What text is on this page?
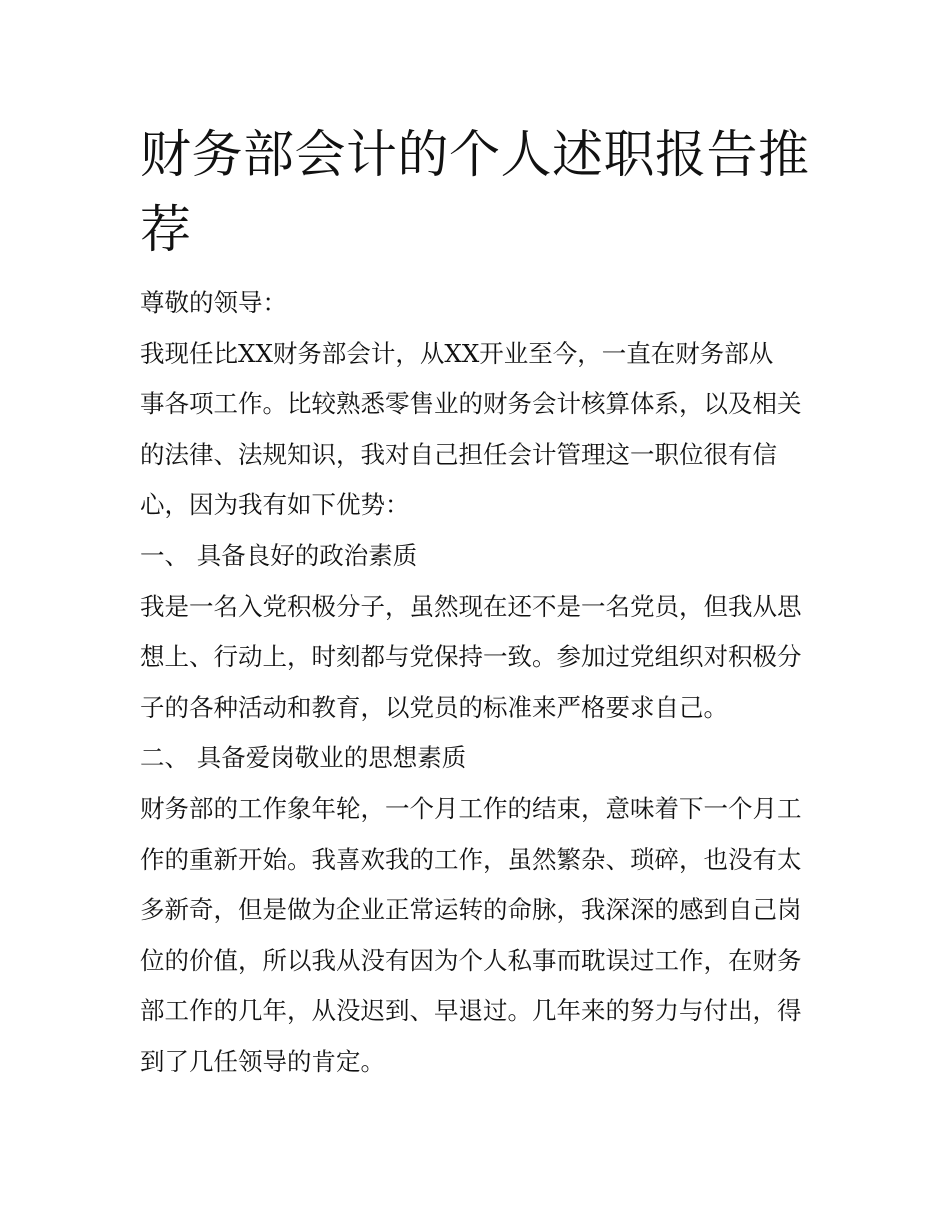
财务部会计的个人述职报告推
荐
尊敬的领导：
我现任比XX财务部会计，从XX开业至今，一直在财务部从
事各项工作。比较熟悉零售业的财务会计核算体系，以及相关
的法律、法规知识，我对自己担任会计管理这一职位很有信
心，因为我有如下优势：
一、 具备良好的政治素质
我是一名入党积极分子，虽然现在还不是一名党员，但我从思
想上、行动上，时刻都与党保持一致。参加过党组织对积极分
子的各种活动和教育，以党员的标准来严格要求自己。
二、 具备爱岗敬业的思想素质
财务部的工作象年轮，一个月工作的结束，意味着下一个月工
作的重新开始。我喜欢我的工作，虽然繁杂、琐碎，也没有太
多新奇，但是做为企业正常运转的命脉，我深深的感到自己岗
位的价值，所以我从没有因为个人私事而耽误过工作，在财务
部工作的几年，从没迟到、早退过。几年来的努力与付出，得
到了几任领导的肯定。
